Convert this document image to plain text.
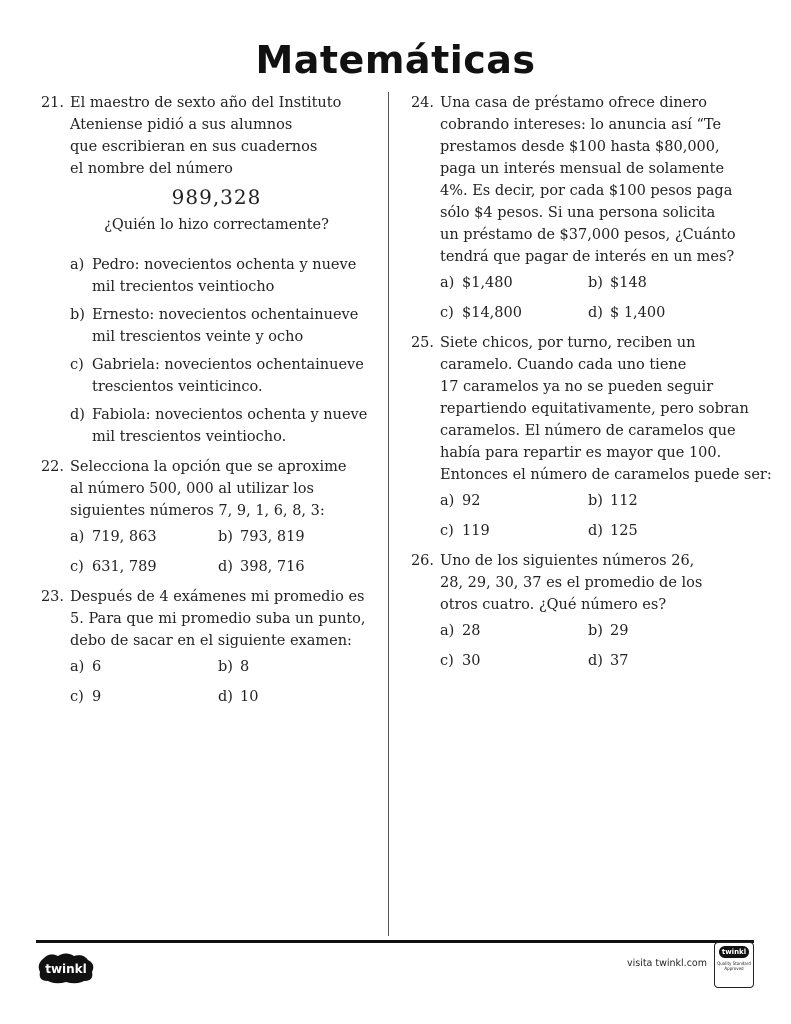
Matemáticas
21. El maestro de sexto año del Instituto
Ateniense pidió a sus alumnos
que escribieran en sus cuadernos
el nombre del número
989,328
¿Quién lo hizo correctamente?
a) Pedro: novecientos ochenta y nueve
mil trecientos veintiocho
b) Ernesto: novecientos ochentainueve
mil trescientos veinte y ocho
c) Gabriela: novecientos ochentainueve
trescientos veinticinco.
d) Fabiola: novecientos ochenta y nueve
mil trescientos veintiocho.
22. Selecciona la opción que se aproxime
al número 500, 000 al utilizar los
siguientes números 7, 9, 1, 6, 8, 3:
a) 719, 863	b) 793, 819
c) 631, 789	d) 398, 716
23. Después de 4 exámenes mi promedio es
5. Para que mi promedio suba un punto,
debo de sacar en el siguiente examen:
a) 6	b) 8
c) 9	d) 10
24. Una casa de préstamo ofrece dinero
cobrando intereses: lo anuncia así “Te
prestamos desde $100 hasta $80,000,
paga un interés mensual de solamente
4%. Es decir, por cada $100 pesos paga
sólo $4 pesos. Si una persona solicita
un préstamo de $37,000 pesos, ¿Cuánto
tendrá que pagar de interés en un mes?
a) $1,480	b) $148
c) $14,800	d) $ 1,400
25. Siete chicos, por turno, reciben un
caramelo. Cuando cada uno tiene
17 caramelos ya no se pueden seguir
repartiendo equitativamente, pero sobran
caramelos. El número de caramelos que
había para repartir es mayor que 100.
Entonces el número de caramelos puede ser:
a) 92	b) 112
c) 119	d) 125
26. Uno de los siguientes números 26,
28, 29, 30, 37 es el promedio de los
otros cuatro. ¿Qué número es?
a) 28	b) 29
c) 30	d) 37
twinkl	visita twinkl.com
twinkl
Quality Standard Approved
